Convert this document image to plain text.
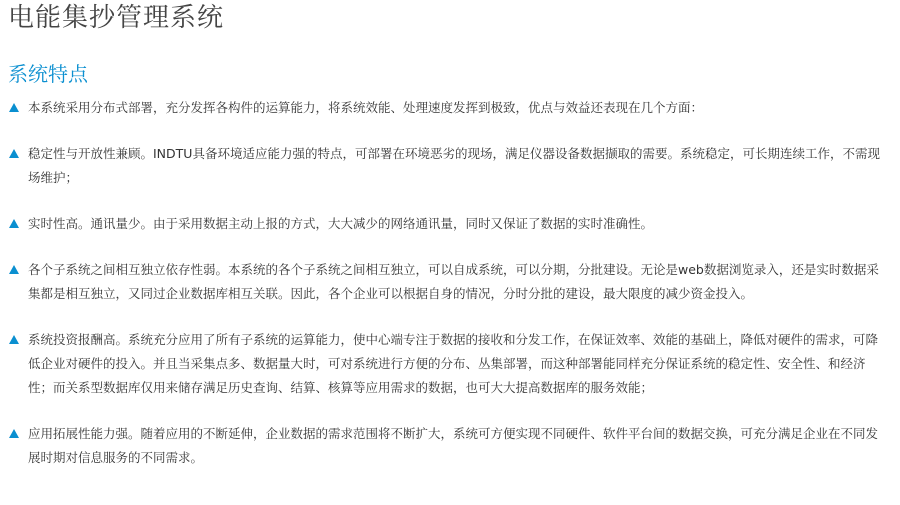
电能集抄管理系统
系统特点
本系统采用分布式部署，充分发挥各构件的运算能力，将系统效能、处理速度发挥到极致，优点与效益还表现在几个方面：
稳定性与开放性兼顾。INDTU具备环境适应能力强的特点，可部署在环境恶劣的现场，满足仪器设备数据撷取的需要。系统稳定，可长期连续工作，不需现场维护；
实时性高。通讯量少。由于采用数据主动上报的方式，大大减少的网络通讯量，同时又保证了数据的实时准确性。
各个子系统之间相互独立依存性弱。本系统的各个子系统之间相互独立，可以自成系统，可以分期，分批建设。无论是web数据浏览录入，还是实时数据采集都是相互独立，又同过企业数据库相互关联。因此，各个企业可以根据自身的情况，分时分批的建设，最大限度的减少资金投入。
系统投资报酬高。系统充分应用了所有子系统的运算能力，使中心端专注于数据的接收和分发工作，在保证效率、效能的基础上，降低对硬件的需求，可降低企业对硬件的投入。并且当采集点多、数据量大时，可对系统进行方便的分布、丛集部署，而这种部署能同样充分保证系统的稳定性、安全性、和经济性；而关系型数据库仅用来储存满足历史查询、结算、核算等应用需求的数据，也可大大提高数据库的服务效能；
应用拓展性能力强。随着应用的不断延伸，企业数据的需求范围将不断扩大，系统可方便实现不同硬件、软件平台间的数据交换，可充分满足企业在不同发展时期对信息服务的不同需求。
